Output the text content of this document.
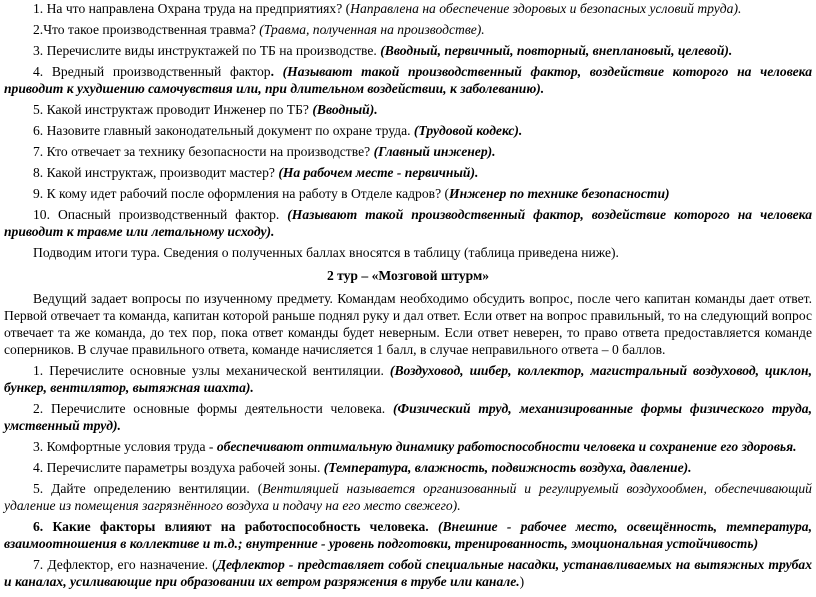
1. На что направлена Охрана труда на предприятиях? (Направлена на обеспечение здоровых и безопасных условий труда).

2.Что такое производственная травма? (Травма, полученная на производстве).

3. Перечислите виды инструктажей по ТБ на производстве. (Вводный, первичный, повторный, внеплановый, целевой).

4. Вредный производственный фактор. (Называют такой производственный фактор, воздействие которого на человека приводит к ухудшению самочувствия или, при длительном воздействии, к заболеванию).

5. Какой инструктаж проводит Инженер по ТБ? (Вводный).

6. Назовите главный законодательный документ по охране труда. (Трудовой кодекс).

7. Кто отвечает за технику безопасности на производстве? (Главный инженер).

8. Какой инструктаж, производит мастер? (На рабочем месте - первичный).

9. К кому идет рабочий после оформления на работу в Отделе кадров? (Инженер по технике безопасности)

10. Опасный производственный фактор. (Называют такой производственный фактор, воздействие которого на человека приводит к травме или летальному исходу).

Подводим итоги тура. Сведения о полученных баллах вносятся в таблицу (таблица приведена ниже).

2 тур – «Мозговой штурм»

Ведущий задает вопросы по изученному предмету. Командам необходимо обсудить вопрос, после чего капитан команды дает ответ. Первой отвечает та команда, капитан которой раньше поднял руку и дал ответ. Если ответ на вопрос правильный, то на следующий вопрос отвечает та же команда, до тех пор, пока ответ команды будет неверным. Если ответ неверен, то право ответа предоставляется команде соперников. В случае правильного ответа, команде начисляется 1 балл, в случае неправильного ответа – 0 баллов.

1. Перечислите основные узлы механической вентиляции. (Воздуховод, шибер, коллектор, магистральный воздуховод, циклон, бункер, вентилятор, вытяжная шахта).

2. Перечислите основные формы деятельности человека. (Физический труд, механизированные формы физического труда, умственный труд).

3. Комфортные условия труда - обеспечивают оптимальную динамику работоспособности человека и сохранение его здоровья.

4. Перечислите параметры воздуха рабочей зоны. (Температура, влажность, подвижность воздуха, давление).

5. Дайте определению вентиляции. (Вентиляцией называется организованный и регулируемый воздухообмен, обеспечивающий удаление из помещения загрязнённого воздуха и подачу на его место свежего).

6. Какие факторы влияют на работоспособность человека. (Внешние - рабочее место, освещённость, температура, взаимоотношения в коллективе и т.д.; внутренние - уровень подготовки, тренированность, эмоциональная устойчивость)

7. Дефлектор, его назначение. (Дефлектор - представляет собой специальные насадки, устанавливаемых на вытяжных трубах и каналах, усиливающие при образовании их ветром разряжения в трубе или канале.)
